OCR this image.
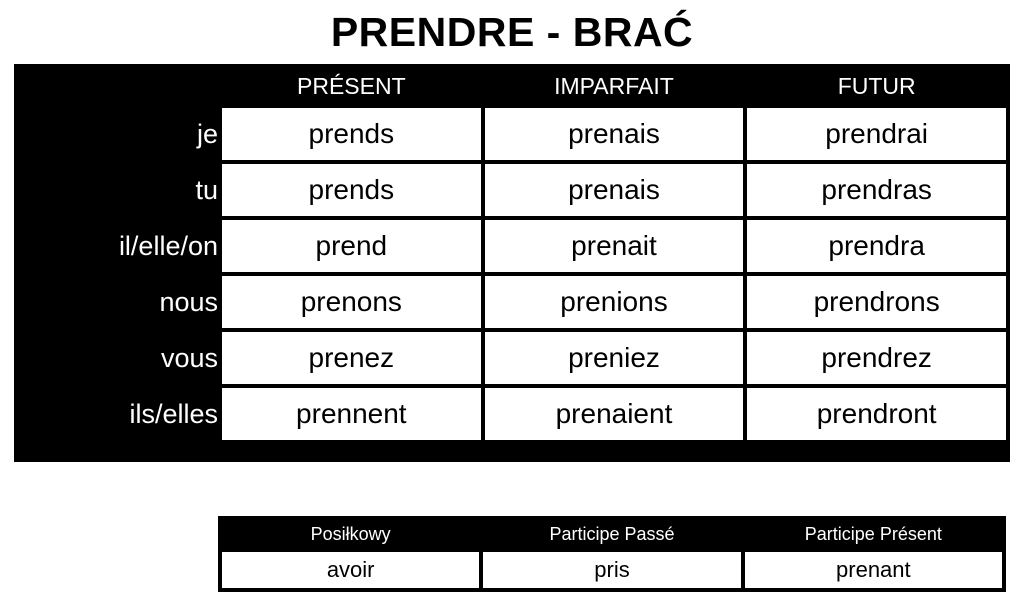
PRENDRE - BRAĆ
	PRÉSENT	IMPARFAIT	FUTUR
je	prends	prenais	prendrai
tu	prends	prenais	prendras
il/elle/on	prend	prenait	prendra
nous	prenons	prenions	prendrons
vous	prenez	preniez	prendrez
ils/elles	prennent	prenaient	prendront
Posiłkowy	Participe Passé	Participe Présent
avoir	pris	prenant
